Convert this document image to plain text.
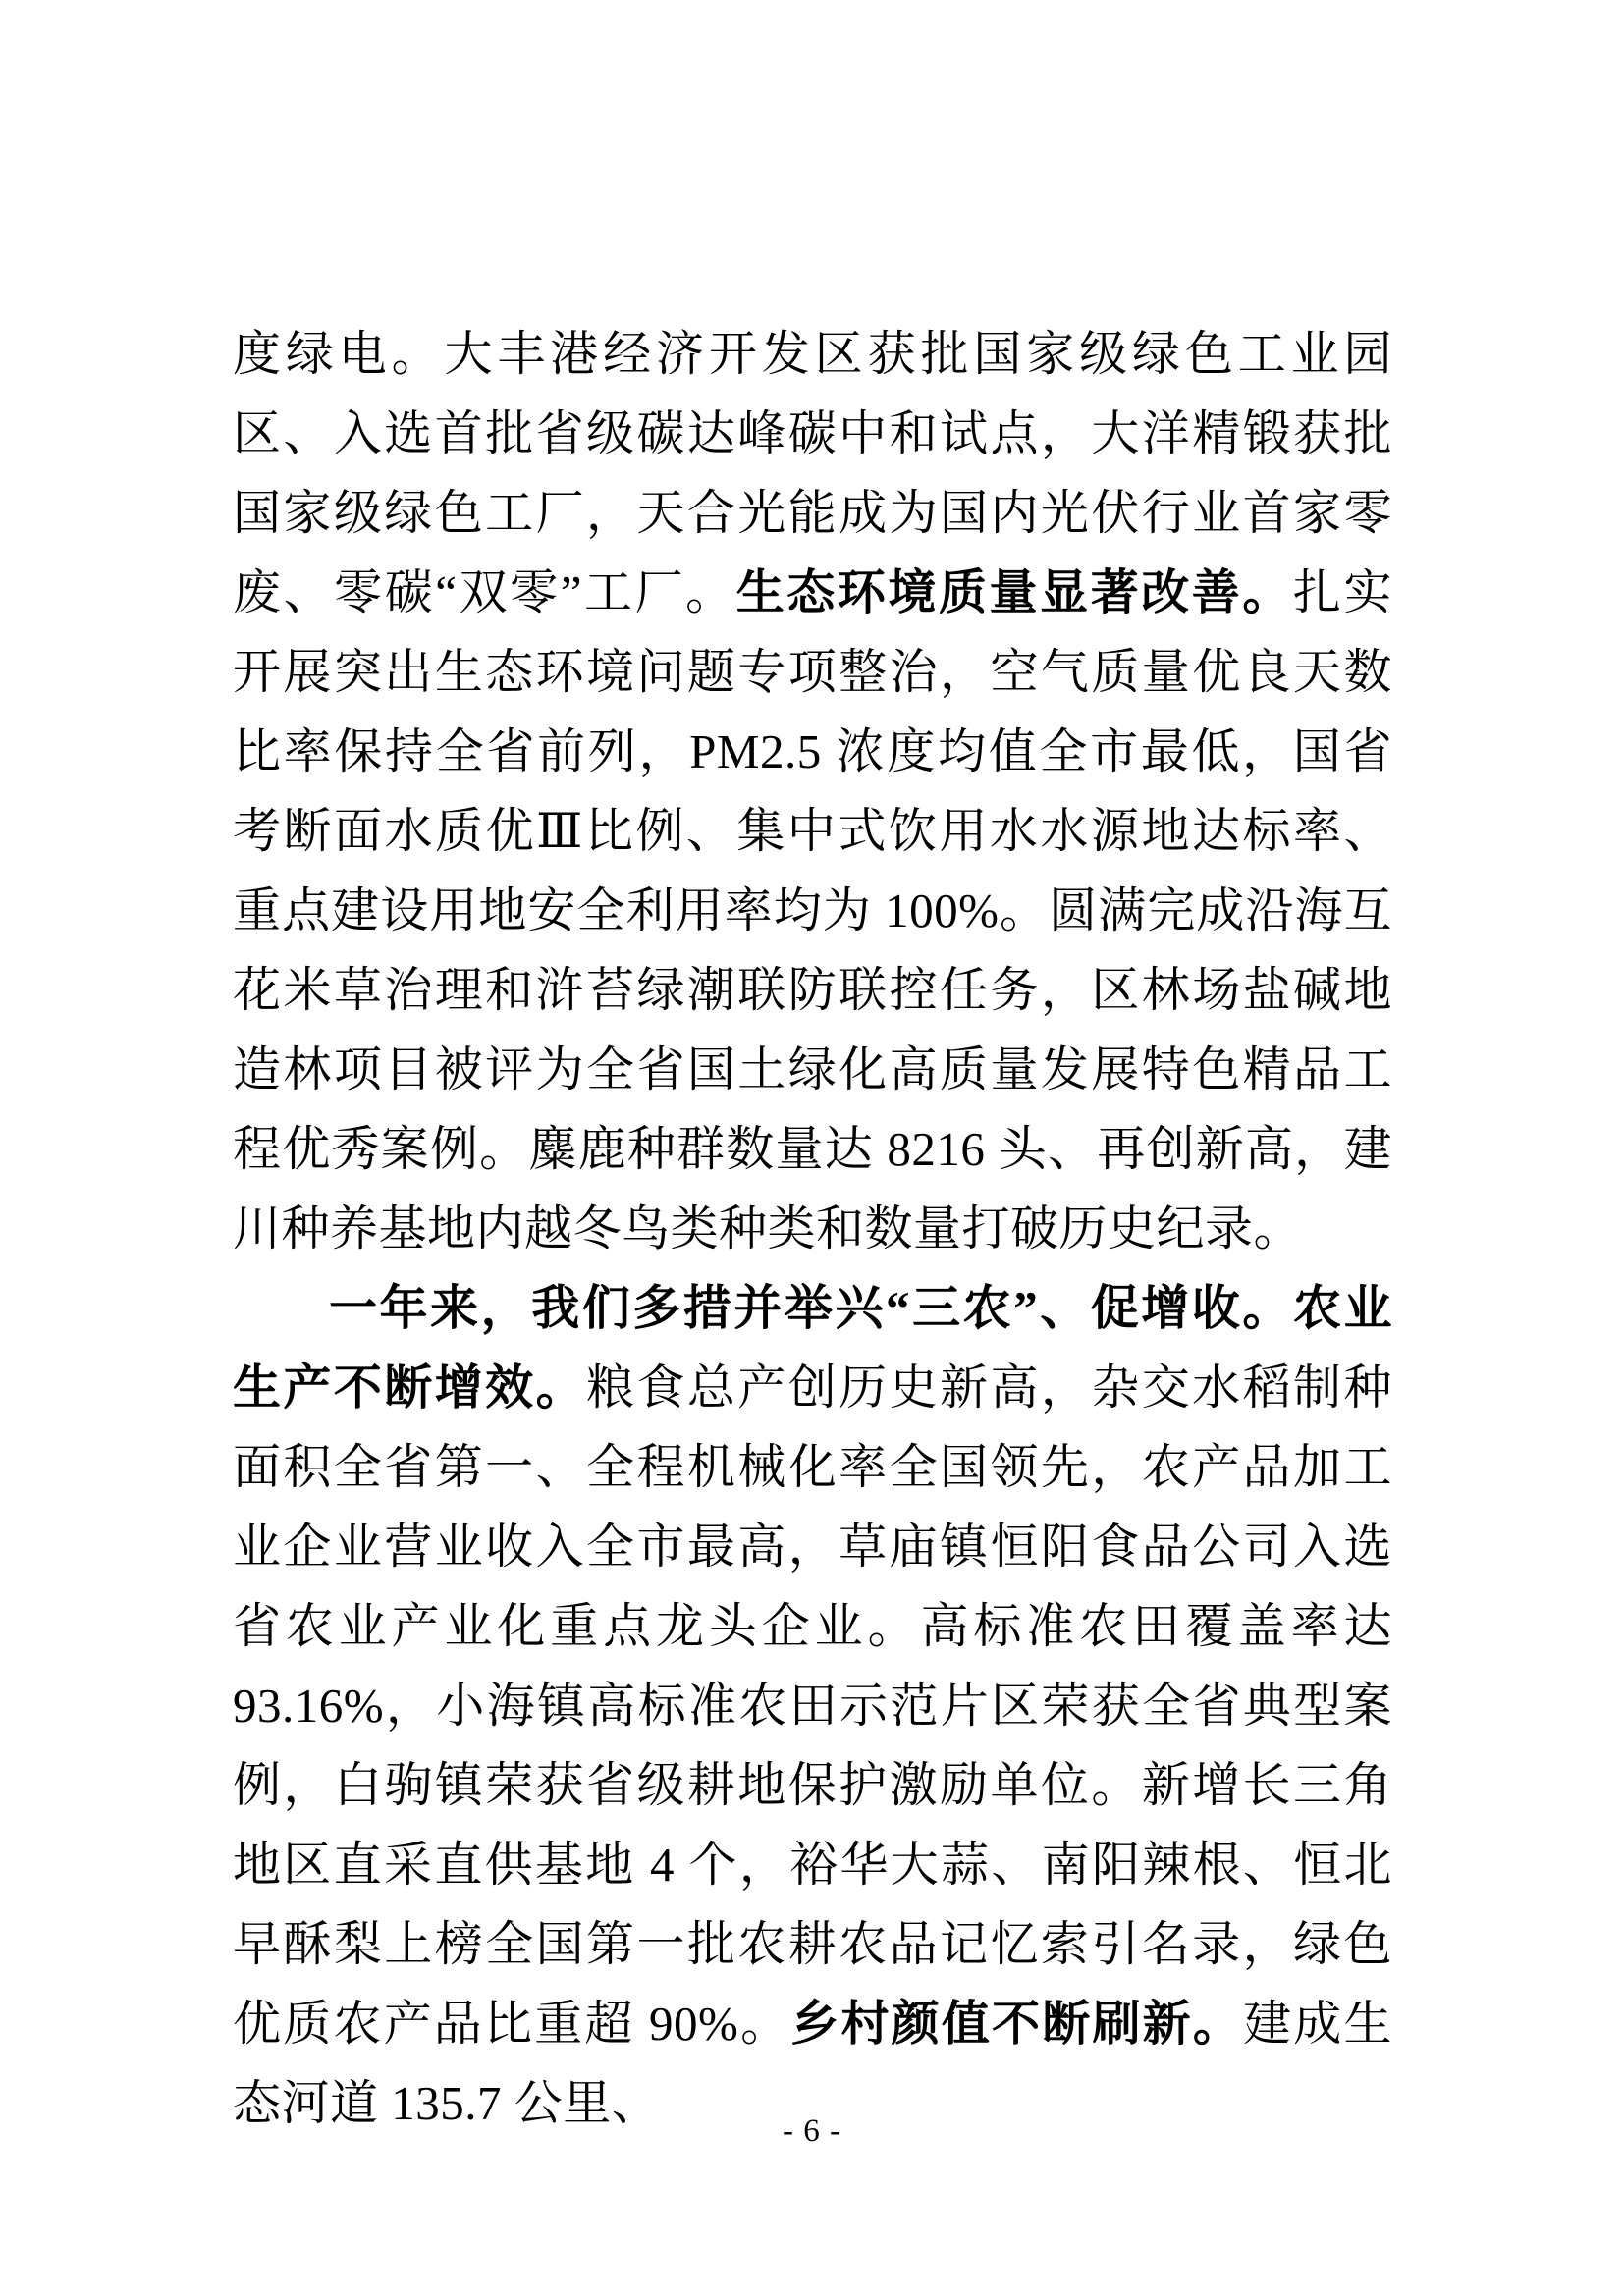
度绿电。大丰港经济开发区获批国家级绿色工业园区、入选首批省级碳达峰碳中和试点，大洋精锻获批国家级绿色工厂，天合光能成为国内光伏行业首家零废、零碳“双零”工厂。生态环境质量显著改善。扎实开展突出生态环境问题专项整治，空气质量优良天数比率保持全省前列，PM2.5 浓度均值全市最低，国省考断面水质优Ⅲ比例、集中式饮用水水源地达标率、重点建设用地安全利用率均为 100%。圆满完成沿海互花米草治理和浒苔绿潮联防联控任务，区林场盐碱地造林项目被评为全省国土绿化高质量发展特色精品工程优秀案例。麋鹿种群数量达 8216 头、再创新高，建川种养基地内越冬鸟类种类和数量打破历史纪录。

一年来，我们多措并举兴“三农”、促增收。农业生产不断增效。粮食总产创历史新高，杂交水稻制种面积全省第一、全程机械化率全国领先，农产品加工业企业营业收入全市最高，草庙镇恒阳食品公司入选省农业产业化重点龙头企业。高标准农田覆盖率达 93.16%，小海镇高标准农田示范片区荣获全省典型案例，白驹镇荣获省级耕地保护激励单位。新增长三角地区直采直供基地 4 个，裕华大蒜、南阳辣根、恒北早酥梨上榜全国第一批农耕农品记忆索引名录，绿色优质农产品比重超 90%。乡村颜值不断刷新。建成生态河道 135.7 公里、

- 6 -
